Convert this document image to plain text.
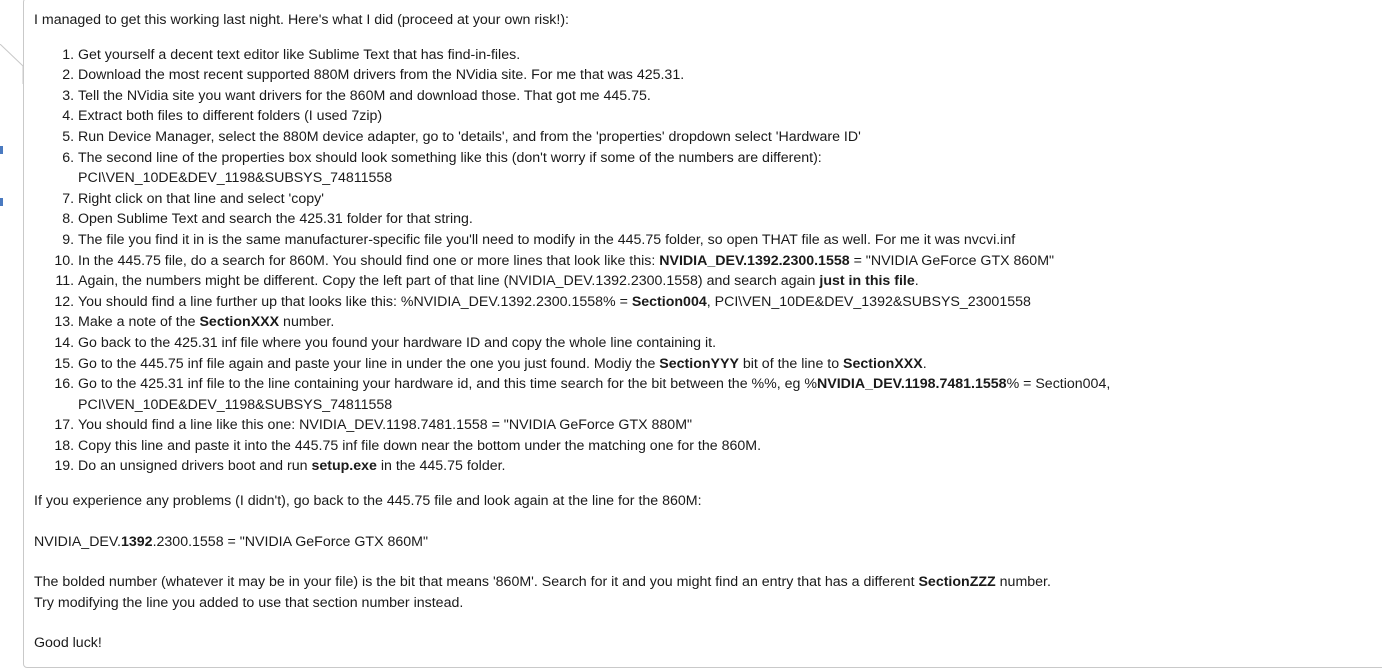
I managed to get this working last night. Here's what I did (proceed at your own risk!):

1. Get yourself a decent text editor like Sublime Text that has find-in-files.
2. Download the most recent supported 880M drivers from the NVidia site. For me that was 425.31.
3. Tell the NVidia site you want drivers for the 860M and download those. That got me 445.75.
4. Extract both files to different folders (I used 7zip)
5. Run Device Manager, select the 880M device adapter, go to 'details', and from the 'properties' dropdown select 'Hardware ID'
6. The second line of the properties box should look something like this (don't worry if some of the numbers are different):
PCI\VEN_10DE&DEV_1198&SUBSYS_74811558
7. Right click on that line and select 'copy'
8. Open Sublime Text and search the 425.31 folder for that string.
9. The file you find it in is the same manufacturer-specific file you'll need to modify in the 445.75 folder, so open THAT file as well. For me it was nvcvi.inf
10. In the 445.75 file, do a search for 860M. You should find one or more lines that look like this: NVIDIA_DEV.1392.2300.1558 = "NVIDIA GeForce GTX 860M"
11. Again, the numbers might be different. Copy the left part of that line (NVIDIA_DEV.1392.2300.1558) and search again just in this file.
12. You should find a line further up that looks like this: %NVIDIA_DEV.1392.2300.1558% = Section004, PCI\VEN_10DE&DEV_1392&SUBSYS_23001558
13. Make a note of the SectionXXX number.
14. Go back to the 425.31 inf file where you found your hardware ID and copy the whole line containing it.
15. Go to the 445.75 inf file again and paste your line in under the one you just found. Modiy the SectionYYY bit of the line to SectionXXX.
16. Go to the 425.31 inf file to the line containing your hardware id, and this time search for the bit between the %%, eg %NVIDIA_DEV.1198.7481.1558% = Section004,
PCI\VEN_10DE&DEV_1198&SUBSYS_74811558
17. You should find a line like this one: NVIDIA_DEV.1198.7481.1558 = "NVIDIA GeForce GTX 880M"
18. Copy this line and paste it into the 445.75 inf file down near the bottom under the matching one for the 860M.
19. Do an unsigned drivers boot and run setup.exe in the 445.75 folder.

If you experience any problems (I didn't), go back to the 445.75 file and look again at the line for the 860M:

NVIDIA_DEV.1392.2300.1558 = "NVIDIA GeForce GTX 860M"

The bolded number (whatever it may be in your file) is the bit that means '860M'. Search for it and you might find an entry that has a different SectionZZZ number.
Try modifying the line you added to use that section number instead.

Good luck!
